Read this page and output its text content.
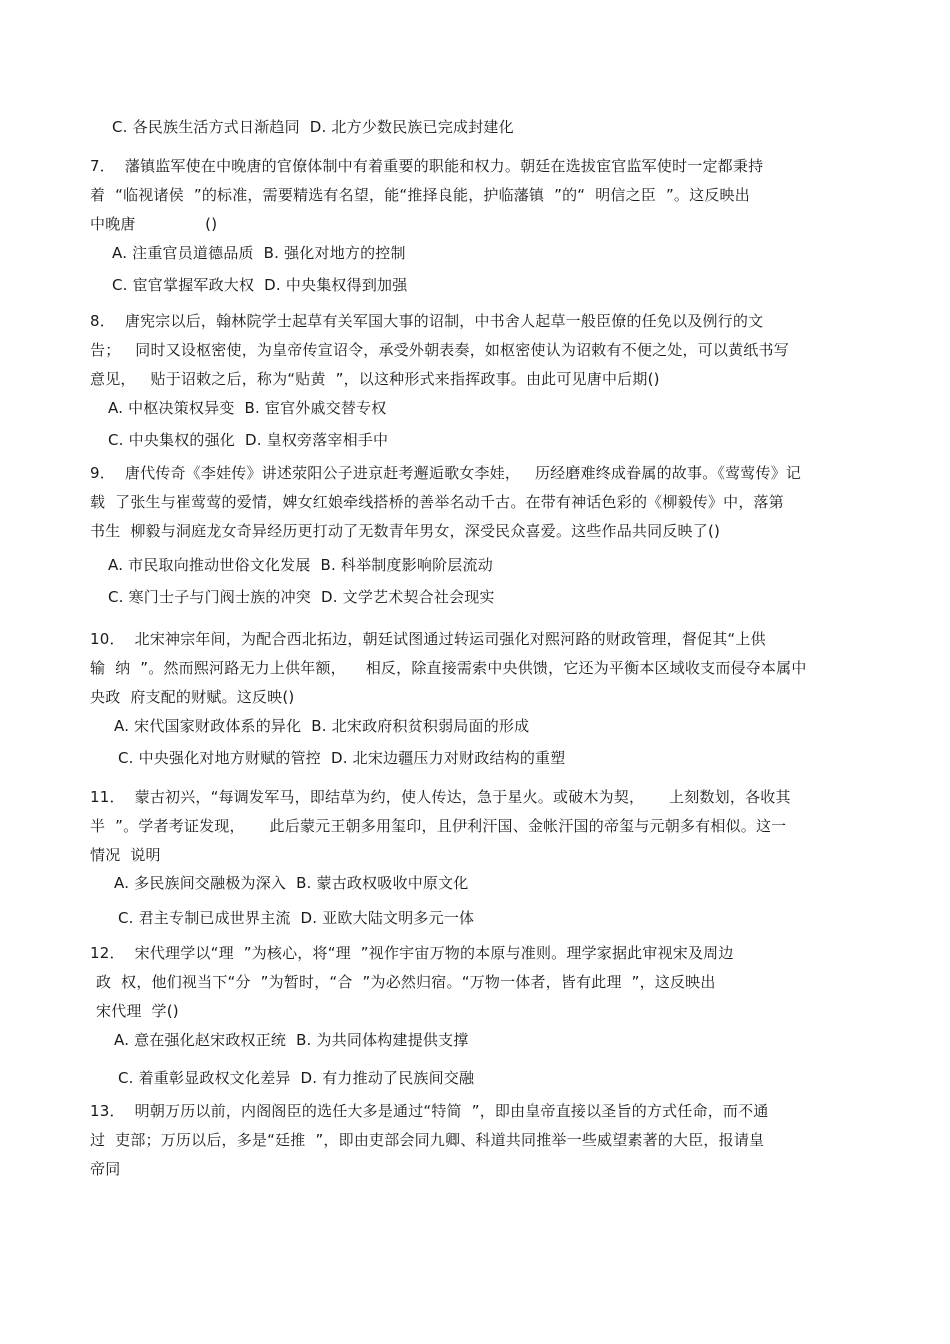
C. 各民族生活方式日渐趋同  D. 北方少数民族已完成封建化
7．  藩镇监军使在中晚唐的官僚体制中有着重要的职能和权力。朝廷在选拔宦官监军使时一定都秉持
着  “临视诸侯  ”的标准，需要精选有名望，能“推择良能，护临藩镇  ”的“  明信之臣  ”。这反映出
中晚唐              ()
A. 注重官员道德品质  B. 强化对地方的控制
C. 宦官掌握军政大权  D. 中央集权得到加强
8．  唐宪宗以后，翰林院学士起草有关军国大事的诏制，中书舍人起草一般臣僚的任免以及例行的文
告；   同时又设枢密使，为皇帝传宣诏令，承受外朝表奏，如枢密使认为诏敕有不便之处，可以黄纸书写
意见，   贴于诏敕之后，称为“贴黄  ”，以这种形式来指挥政事。由此可见唐中后期()
A. 中枢决策权异变  B. 宦官外戚交替专权
C. 中央集权的强化  D. 皇权旁落宰相手中
9．  唐代传奇《李娃传》讲述荥阳公子进京赶考邂逅歌女李娃，   历经磨难终成眷属的故事。《莺莺传》记
载  了张生与崔莺莺的爱情，婢女红娘牵线搭桥的善举名动千古。在带有神话色彩的《柳毅传》中，落第
书生  柳毅与洞庭龙女奇异经历更打动了无数青年男女，深受民众喜爱。这些作品共同反映了()
A. 市民取向推动世俗文化发展  B. 科举制度影响阶层流动
C. 寒门士子与门阀士族的冲突  D. 文学艺术契合社会现实
10．  北宋神宗年间，为配合西北拓边，朝廷试图通过转运司强化对熙河路的财政管理，督促其“上供
输  纳  ”。然而熙河路无力上供年额，    相反，除直接需索中央供馈，它还为平衡本区域收支而侵夺本属中
央政  府支配的财赋。这反映()
A. 宋代国家财政体系的异化  B. 北宋政府积贫积弱局面的形成
C. 中央强化对地方财赋的管控  D. 北宋边疆压力对财政结构的重塑
11．  蒙古初兴，“每调发军马，即结草为约，使人传达，急于星火。或破木为契，     上刻数划，各收其
半  ”。学者考证发现，     此后蒙元王朝多用玺印，且伊利汗国、金帐汗国的帝玺与元朝多有相似。这一
情况  说明
A. 多民族间交融极为深入  B. 蒙古政权吸收中原文化
C. 君主专制已成世界主流  D. 亚欧大陆文明多元一体
12．  宋代理学以“理  ”为核心，将“理  ”视作宇宙万物的本原与准则。理学家据此审视宋及周边
政  权，他们视当下“分  ”为暂时，“合  ”为必然归宿。“万物一体者，皆有此理  ”，这反映出
宋代理  学()
A. 意在强化赵宋政权正统  B. 为共同体构建提供支撑
C. 着重彰显政权文化差异  D. 有力推动了民族间交融
13．  明朝万历以前，内阁阁臣的选任大多是通过“特简  ”，即由皇帝直接以圣旨的方式任命，而不通
过  吏部；万历以后，多是“廷推  ”，即由吏部会同九卿、科道共同推举一些威望素著的大臣，报请皇
帝同
